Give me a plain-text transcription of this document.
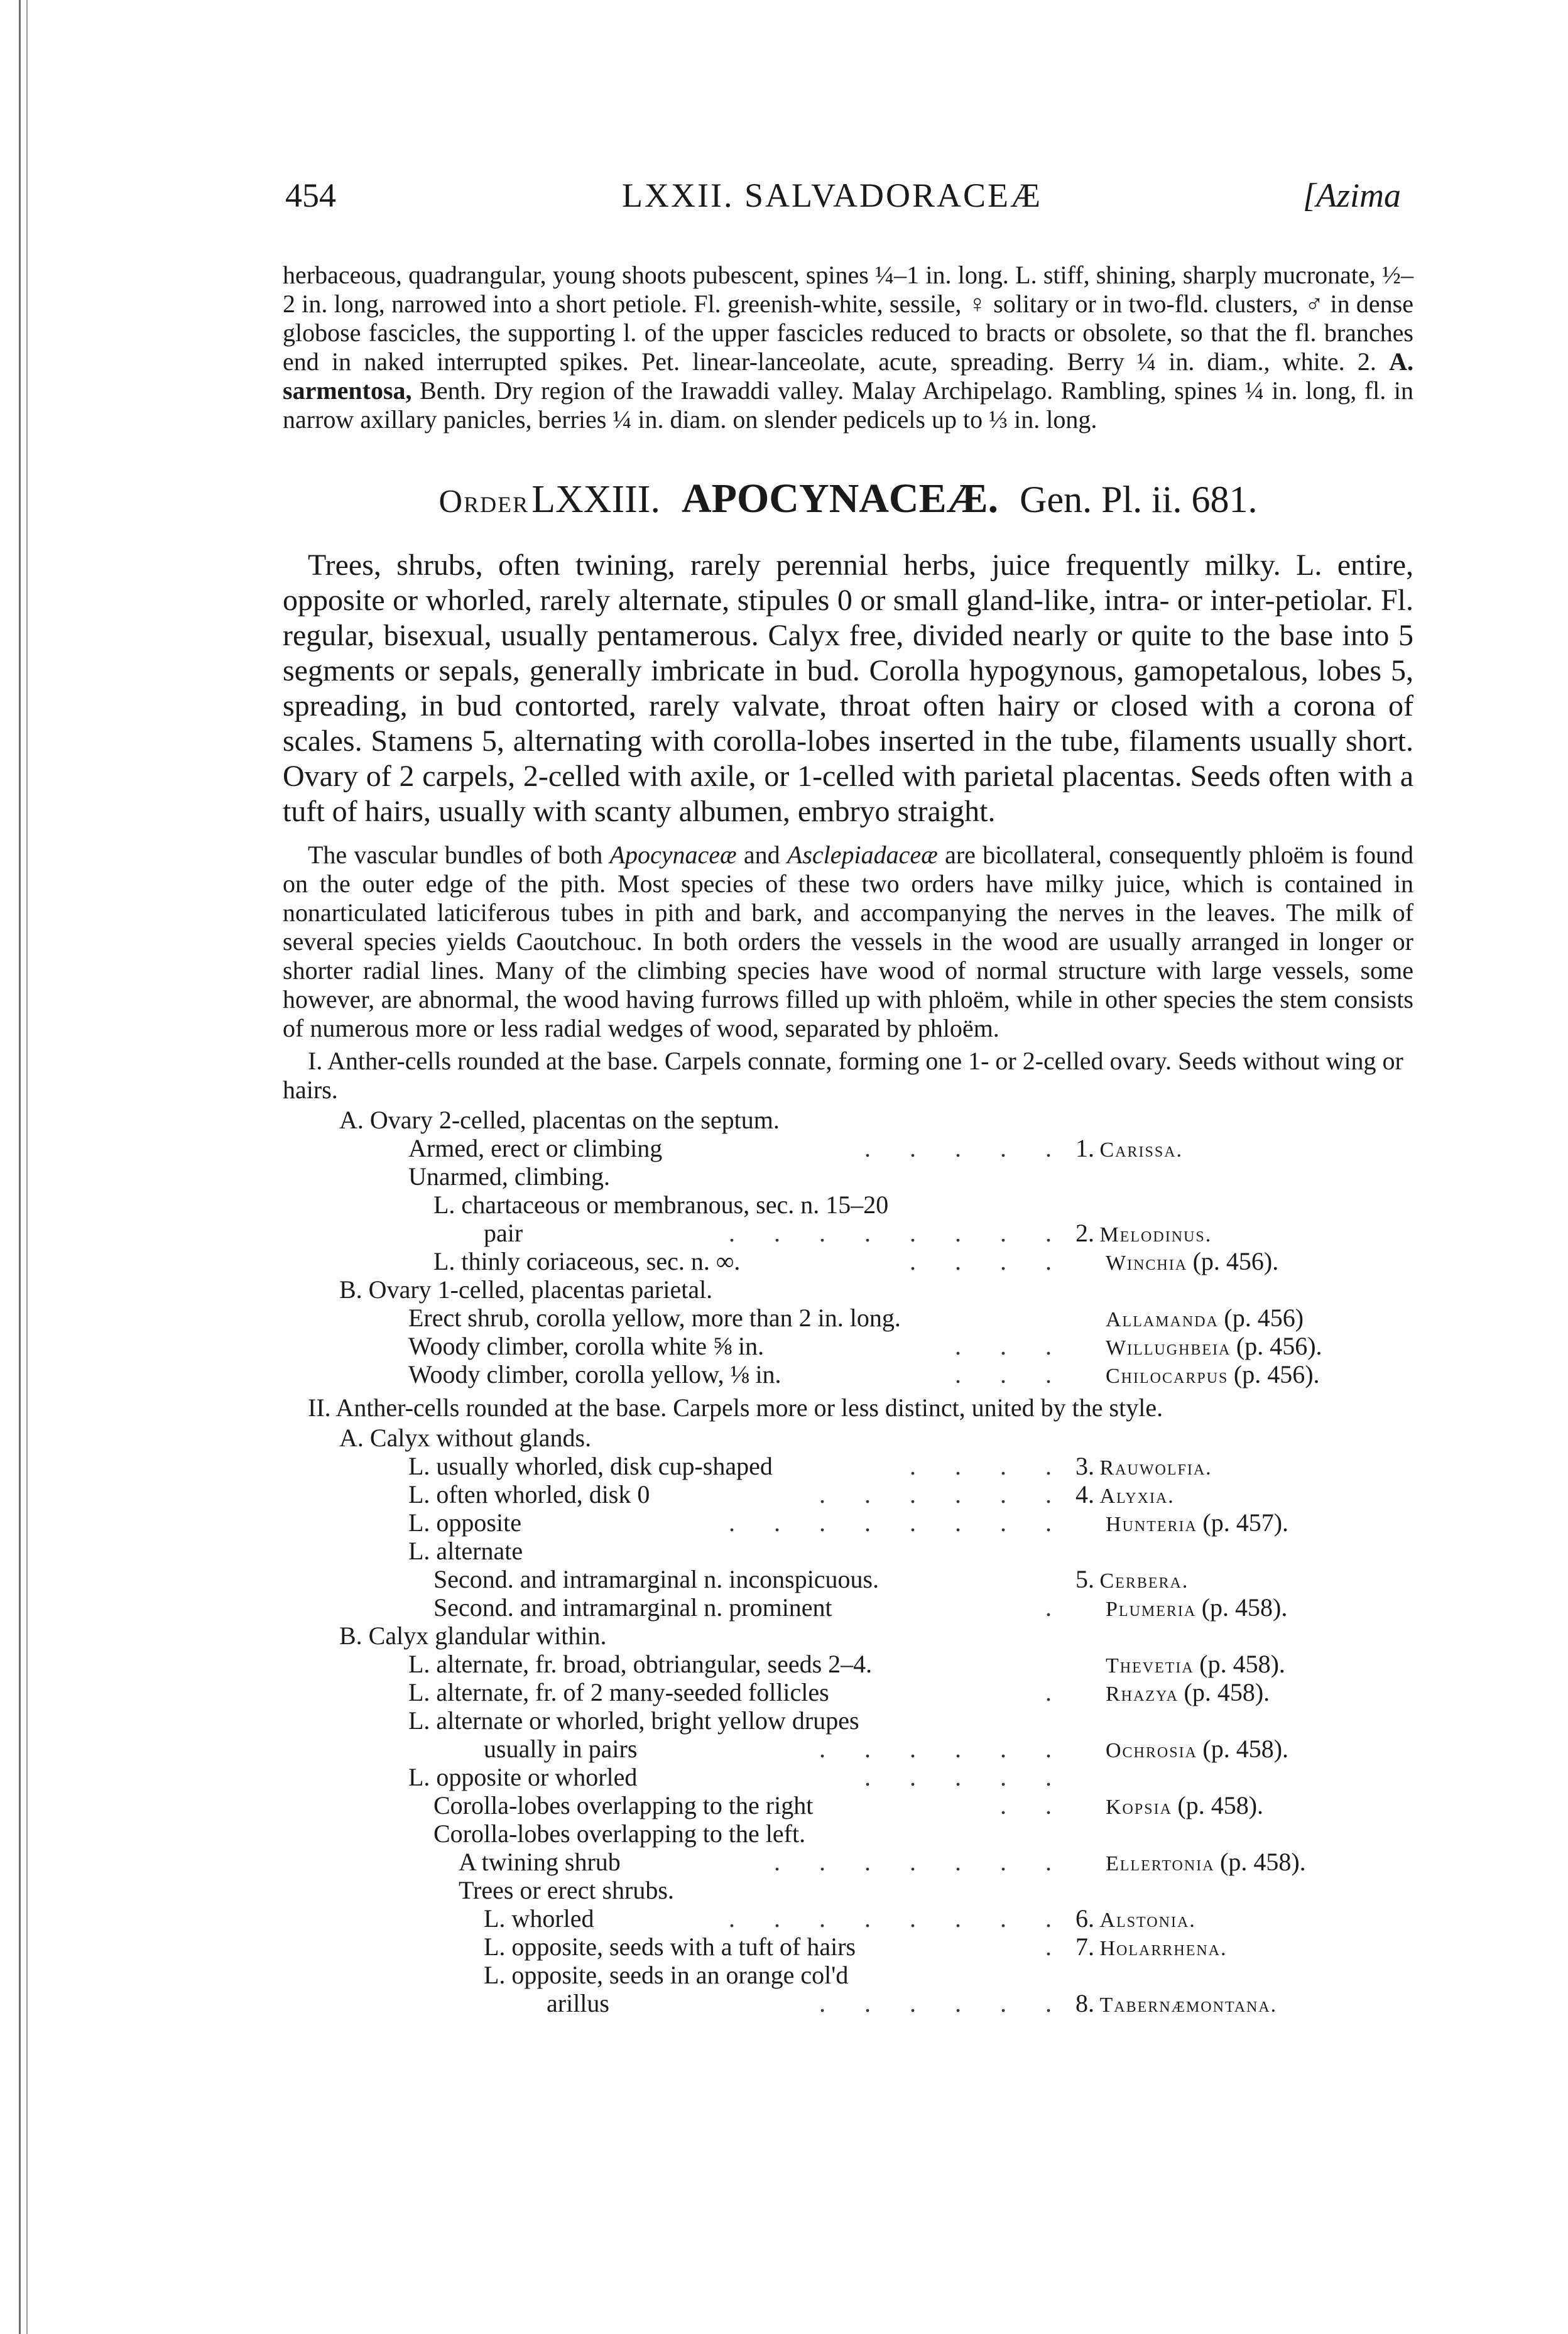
454	LXXII. SALVADORACEÆ	[Azima

herbaceous, quadrangular, young shoots pubescent, spines ¼–1 in. long. L. stiff, shining, sharply mucronate, ½–2 in. long, narrowed into a short petiole. Fl. greenish-white, sessile, ♀ solitary or in two-fld. clusters, ♂ in dense globose fascicles, the supporting l. of the upper fascicles reduced to bracts or obsolete, so that the fl. branches end in naked interrupted spikes. Pet. linear-lanceolate, acute, spreading. Berry ¼ in. diam., white. 2. A. sarmentosa, Benth. Dry region of the Irawaddi valley. Malay Archipelago. Rambling, spines ¼ in. long, fl. in narrow axillary panicles, berries ¼ in. diam. on slender pedicels up to ⅓ in. long.

Order LXXIII. APOCYNACEÆ. Gen. Pl. ii. 681.

Trees, shrubs, often twining, rarely perennial herbs, juice frequently milky. L. entire, opposite or whorled, rarely alternate, stipules 0 or small gland-like, intra- or inter-petiolar. Fl. regular, bisexual, usually pentamerous. Calyx free, divided nearly or quite to the base into 5 segments or sepals, generally imbricate in bud. Corolla hypogynous, gamopetalous, lobes 5, spreading, in bud contorted, rarely valvate, throat often hairy or closed with a corona of scales. Stamens 5, alternating with corolla-lobes inserted in the tube, filaments usually short. Ovary of 2 carpels, 2-celled with axile, or 1-celled with parietal placentas. Seeds often with a tuft of hairs, usually with scanty albumen, embryo straight.

The vascular bundles of both Apocynaceæ and Asclepiadaceæ are bicollateral, consequently phloëm is found on the outer edge of the pith. Most species of these two orders have milky juice, which is contained in nonarticulated laticiferous tubes in pith and bark, and accompanying the nerves in the leaves. The milk of several species yields Caoutchouc. In both orders the vessels in the wood are usually arranged in longer or shorter radial lines. Many of the climbing species have wood of normal structure with large vessels, some however, are abnormal, the wood having furrows filled up with phloëm, while in other species the stem consists of numerous more or less radial wedges of wood, separated by phloëm.

I. Anther-cells rounded at the base. Carpels connate, forming one 1- or 2-celled ovary. Seeds without wing or hairs.

A. Ovary 2-celled, placentas on the septum.
Armed, erect or climbing	. . . . . 1. Carissa.
Unarmed, climbing.
L. chartaceous or membranous, sec. n. 15–20
pair	. . . . . . . . 2. Melodinus.
L. thinly coriaceous, sec. n. ∞.	. . . . Winchia (p. 456).
B. Ovary 1-celled, placentas parietal.
Erect shrub, corolla yellow, more than 2 in. long.	Allamanda (p. 456)
Woody climber, corolla white ⅝ in.	. . . Willughbeia (p. 456).
Woody climber, corolla yellow, ⅛ in.	. . . Chilocarpus (p. 456).

II. Anther-cells rounded at the base. Carpels more or less distinct, united by the style.

A. Calyx without glands.
L. usually whorled, disk cup-shaped	. . . . 3. Rauwolfia.
L. often whorled, disk 0	. . . . . . 4. Alyxia.
L. opposite	. . . . . . . . Hunteria (p. 457).
L. alternate
Second. and intramarginal n. inconspicuous.	5. Cerbera.
Second. and intramarginal n. prominent	. Plumeria (p. 458).
B. Calyx glandular within.
L. alternate, fr. broad, obtriangular, seeds 2–4.	Thevetia (p. 458).
L. alternate, fr. of 2 many-seeded follicles	. Rhazya (p. 458).
L. alternate or whorled, bright yellow drupes
usually in pairs	. . . . . . Ochrosia (p. 458).
L. opposite or whorled	. . . . .
Corolla-lobes overlapping to the right	. . Kopsia (p. 458).
Corolla-lobes overlapping to the left.
A twining shrub	. . . . . . . Ellertonia (p. 458).
Trees or erect shrubs.
L. whorled	. . . . . . . . 6. Alstonia.
L. opposite, seeds with a tuft of hairs	. 7. Holarrhena.
L. opposite, seeds in an orange col'd
arillus	. . . . . . 8. Tabernæmontana.
